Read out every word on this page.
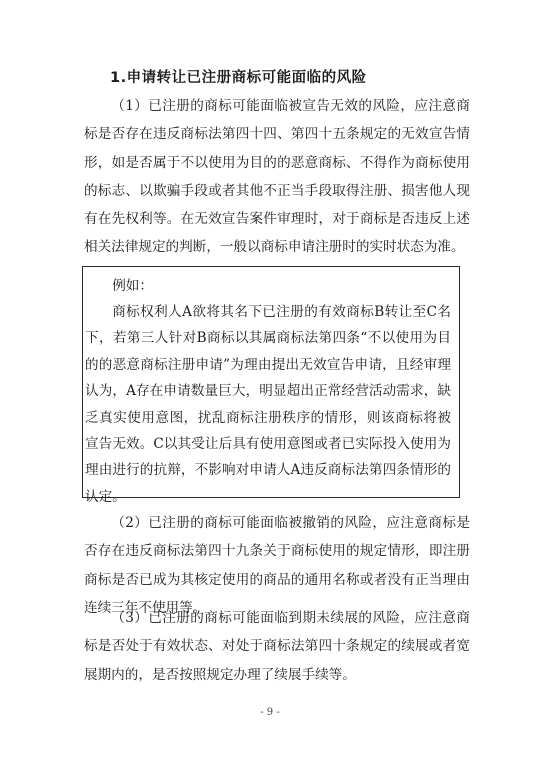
1.申请转让已注册商标可能面临的风险

（1）已注册的商标可能面临被宣告无效的风险，应注意商标是否存在违反商标法第四十四、第四十五条规定的无效宣告情形，如是否属于不以使用为目的的恶意商标、不得作为商标使用的标志、以欺骗手段或者其他不正当手段取得注册、损害他人现有在先权利等。在无效宣告案件审理时，对于商标是否违反上述相关法律规定的判断，一般以商标申请注册时的实时状态为准。

例如：

商标权利人A欲将其名下已注册的有效商标B转让至C名下，若第三人针对B商标以其属商标法第四条“不以使用为目的的恶意商标注册申请”为理由提出无效宣告申请，且经审理认为，A存在申请数量巨大，明显超出正常经营活动需求，缺乏真实使用意图，扰乱商标注册秩序的情形，则该商标将被宣告无效。C以其受让后具有使用意图或者已实际投入使用为理由进行的抗辩，不影响对申请人A违反商标法第四条情形的认定。

（2）已注册的商标可能面临被撤销的风险，应注意商标是否存在违反商标法第四十九条关于商标使用的规定情形，即注册商标是否已成为其核定使用的商品的通用名称或者没有正当理由连续三年不使用等。

（3）已注册的商标可能面临到期未续展的风险，应注意商标是否处于有效状态、对处于商标法第四十条规定的续展或者宽展期内的，是否按照规定办理了续展手续等。

- 9 -
